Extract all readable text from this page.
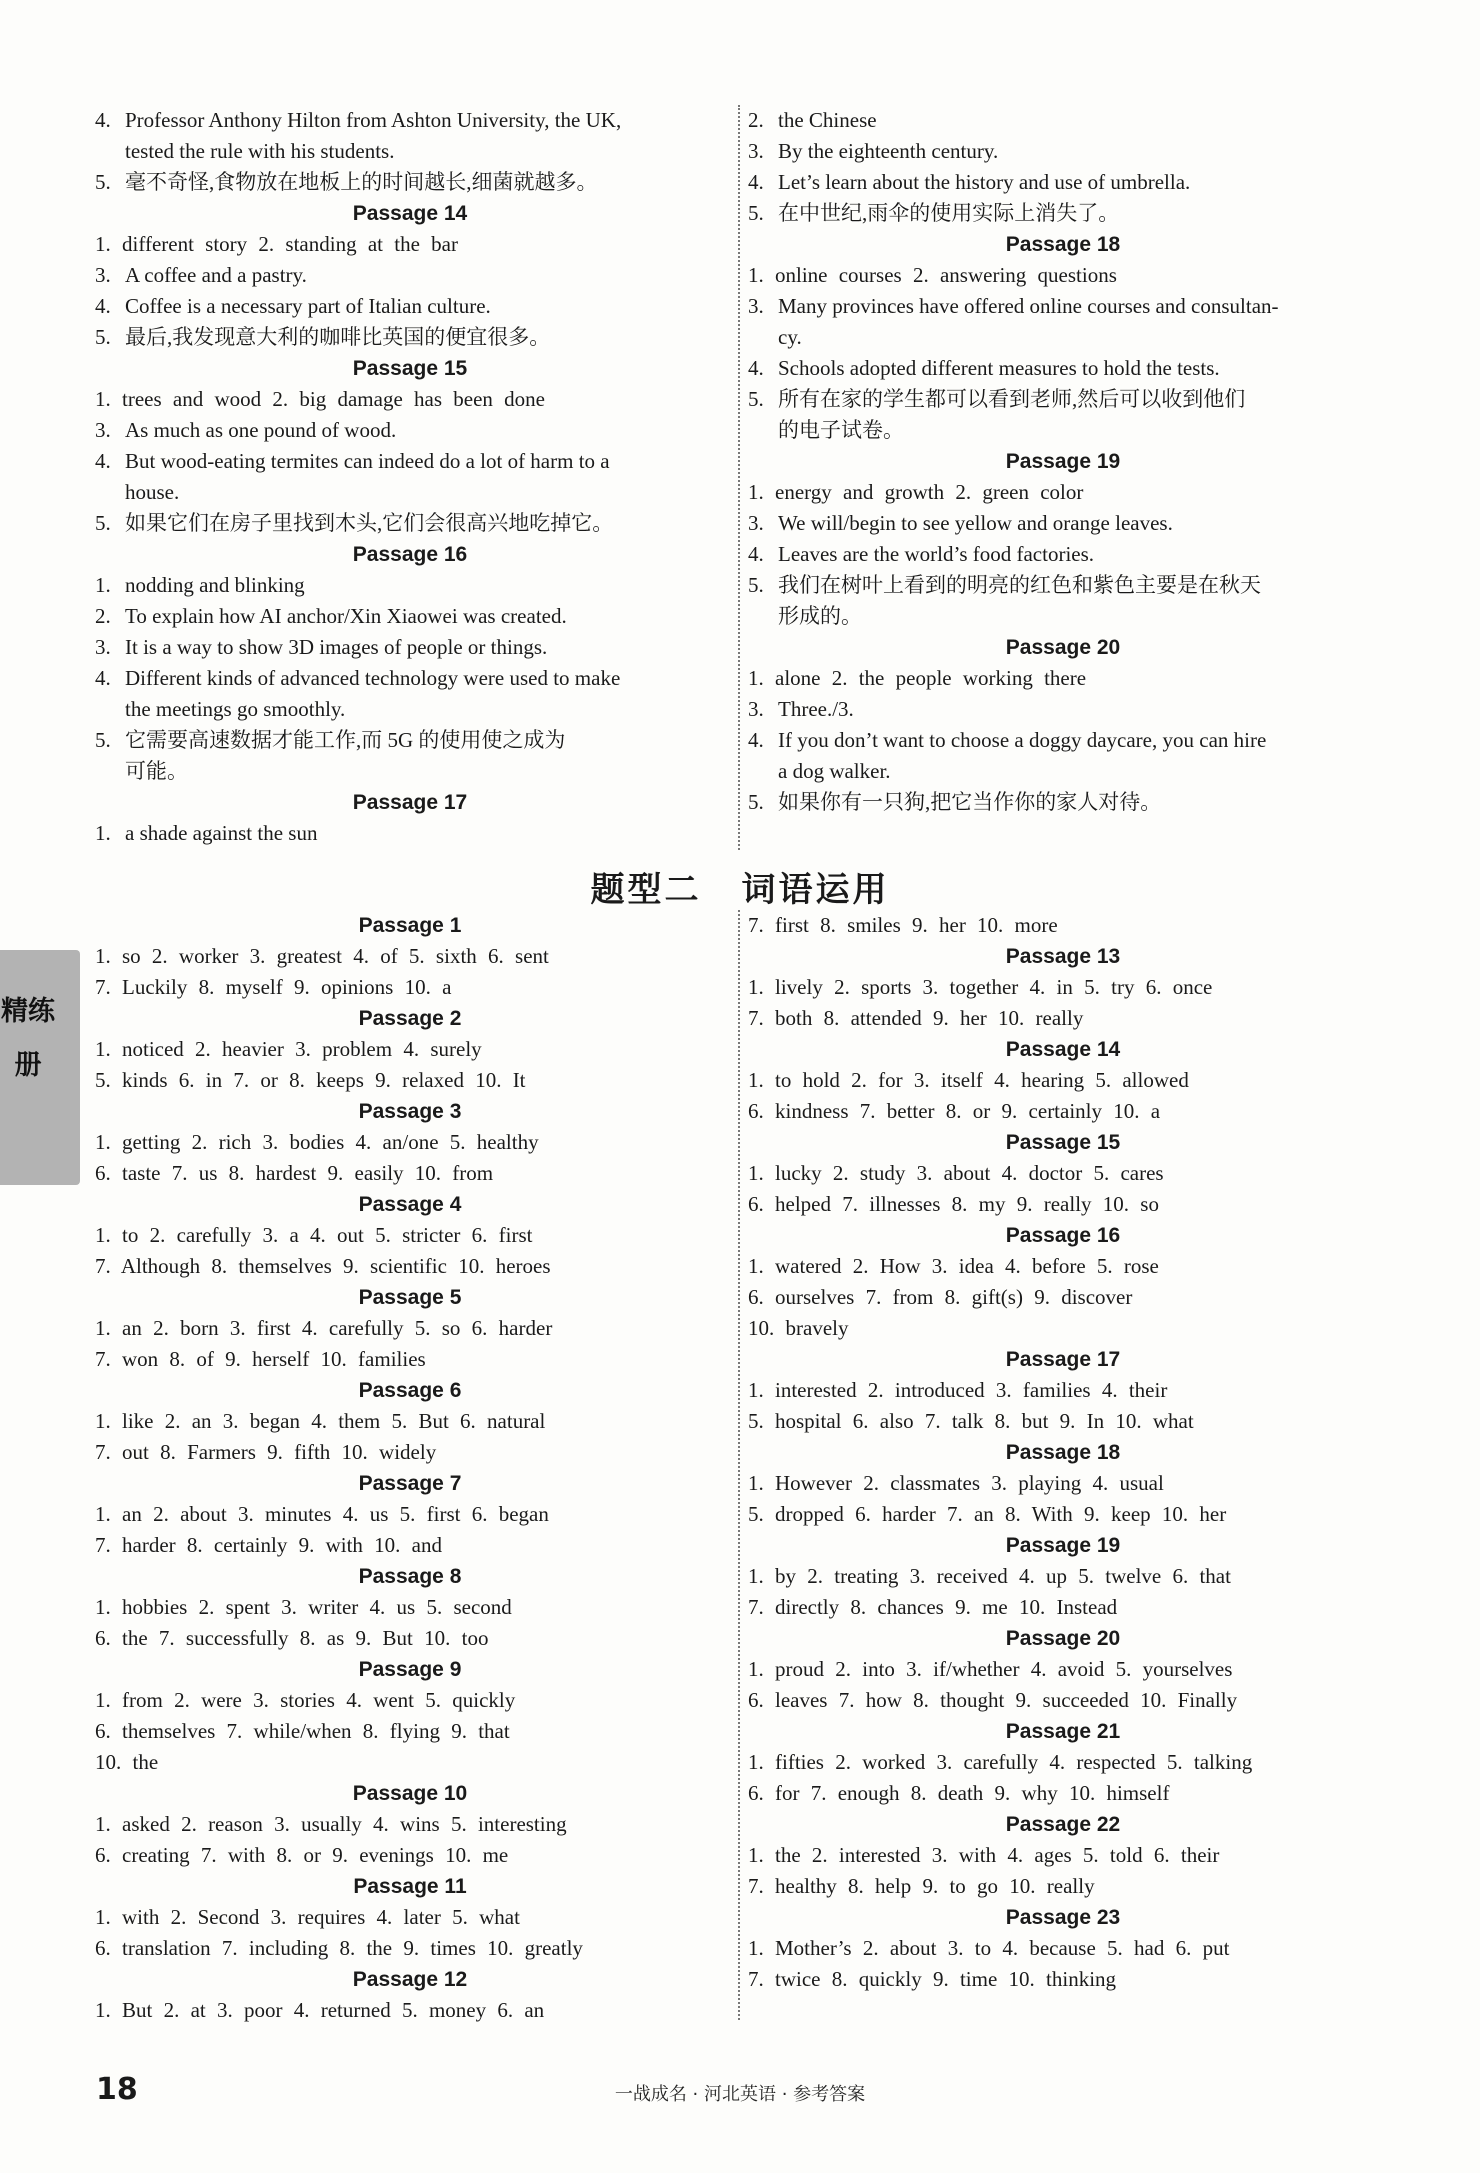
4. Professor Anthony Hilton from Ashton University, the UK,
tested the rule with his students.
5. 毫不奇怪,食物放在地板上的时间越长,细菌就越多。
Passage 14
1. different story 2. standing at the bar
3. A coffee and a pastry.
4. Coffee is a necessary part of Italian culture.
5. 最后,我发现意大利的咖啡比英国的便宜很多。
Passage 15
1. trees and wood 2. big damage has been done
3. As much as one pound of wood.
4. But wood-eating termites can indeed do a lot of harm to a
house.
5. 如果它们在房子里找到木头,它们会很高兴地吃掉它。
Passage 16
1. nodding and blinking
2. To explain how AI anchor/Xin Xiaowei was created.
3. It is a way to show 3D images of people or things.
4. Different kinds of advanced technology were used to make
the meetings go smoothly.
5. 它需要高速数据才能工作,而 5G 的使用使之成为
可能。
Passage 17
1. a shade against the sun
2. the Chinese
3. By the eighteenth century.
4. Let’s learn about the history and use of umbrella.
5. 在中世纪,雨伞的使用实际上消失了。
Passage 18
1. online courses 2. answering questions
3. Many provinces have offered online courses and consultan-
cy.
4. Schools adopted different measures to hold the tests.
5. 所有在家的学生都可以看到老师,然后可以收到他们
的电子试卷。
Passage 19
1. energy and growth 2. green color
3. We will/begin to see yellow and orange leaves.
4. Leaves are the world’s food factories.
5. 我们在树叶上看到的明亮的红色和紫色主要是在秋天
形成的。
Passage 20
1. alone 2. the people working there
3. Three./3.
4. If you don’t want to choose a doggy daycare, you can hire
a dog walker.
5. 如果你有一只狗,把它当作你的家人对待。
题型二 词语运用
Passage 1
1. so 2. worker 3. greatest 4. of 5. sixth 6. sent
7. Luckily 8. myself 9. opinions 10. a
Passage 2
1. noticed 2. heavier 3. problem 4. surely
5. kinds 6. in 7. or 8. keeps 9. relaxed 10. It
Passage 3
1. getting 2. rich 3. bodies 4. an/one 5. healthy
6. taste 7. us 8. hardest 9. easily 10. from
Passage 4
1. to 2. carefully 3. a 4. out 5. stricter 6. first
7. Although 8. themselves 9. scientific 10. heroes
Passage 5
1. an 2. born 3. first 4. carefully 5. so 6. harder
7. won 8. of 9. herself 10. families
Passage 6
1. like 2. an 3. began 4. them 5. But 6. natural
7. out 8. Farmers 9. fifth 10. widely
Passage 7
1. an 2. about 3. minutes 4. us 5. first 6. began
7. harder 8. certainly 9. with 10. and
Passage 8
1. hobbies 2. spent 3. writer 4. us 5. second
6. the 7. successfully 8. as 9. But 10. too
Passage 9
1. from 2. were 3. stories 4. went 5. quickly
6. themselves 7. while/when 8. flying 9. that
10. the
Passage 10
1. asked 2. reason 3. usually 4. wins 5. interesting
6. creating 7. with 8. or 9. evenings 10. me
Passage 11
1. with 2. Second 3. requires 4. later 5. what
6. translation 7. including 8. the 9. times 10. greatly
Passage 12
1. But 2. at 3. poor 4. returned 5. money 6. an
7. first 8. smiles 9. her 10. more
Passage 13
1. lively 2. sports 3. together 4. in 5. try 6. once
7. both 8. attended 9. her 10. really
Passage 14
1. to hold 2. for 3. itself 4. hearing 5. allowed
6. kindness 7. better 8. or 9. certainly 10. a
Passage 15
1. lucky 2. study 3. about 4. doctor 5. cares
6. helped 7. illnesses 8. my 9. really 10. so
Passage 16
1. watered 2. How 3. idea 4. before 5. rose
6. ourselves 7. from 8. gift(s) 9. discover
10. bravely
Passage 17
1. interested 2. introduced 3. families 4. their
5. hospital 6. also 7. talk 8. but 9. In 10. what
Passage 18
1. However 2. classmates 3. playing 4. usual
5. dropped 6. harder 7. an 8. With 9. keep 10. her
Passage 19
1. by 2. treating 3. received 4. up 5. twelve 6. that
7. directly 8. chances 9. me 10. Instead
Passage 20
1. proud 2. into 3. if/whether 4. avoid 5. yourselves
6. leaves 7. how 8. thought 9. succeeded 10. Finally
Passage 21
1. fifties 2. worked 3. carefully 4. respected 5. talking
6. for 7. enough 8. death 9. why 10. himself
Passage 22
1. the 2. interested 3. with 4. ages 5. told 6. their
7. healthy 8. help 9. to go 10. really
Passage 23
1. Mother’s 2. about 3. to 4. because 5. had 6. put
7. twice 8. quickly 9. time 10. thinking
精练册
18	一战成名 · 河北英语 · 参考答案
